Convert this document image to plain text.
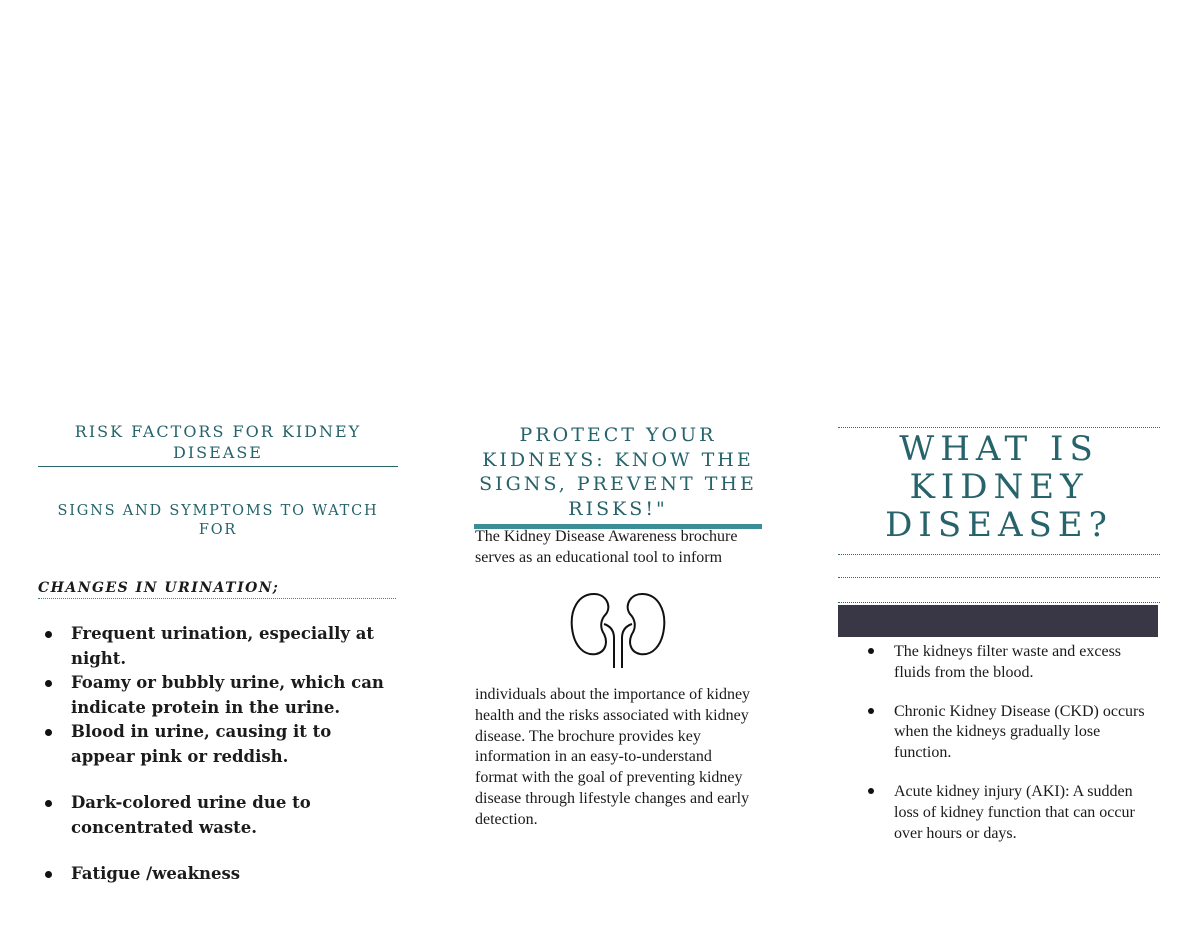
RISK FACTORS FOR KIDNEY DISEASE
SIGNS AND SYMPTOMS TO WATCH FOR
CHANGES IN URINATION;
Frequent urination, especially at night.
Foamy or bubbly urine, which can indicate protein in the urine.
Blood in urine, causing it to appear pink or reddish.
Dark-colored urine due to concentrated waste.
Fatigue /weakness
PROTECT YOUR KIDNEYS: KNOW THE SIGNS, PREVENT THE RISKS!"

The Kidney Disease Awareness brochure serves as an educational tool to inform

individuals about the importance of kidney health and the risks associated with kidney disease. The brochure provides key information in an easy-to-understand format with the goal of preventing kidney disease through lifestyle changes and early detection.

WHAT IS KIDNEY DISEASE?
The kidneys filter waste and excess fluids from the blood.
Chronic Kidney Disease (CKD) occurs when the kidneys gradually lose function.
Acute kidney injury (AKI): A sudden loss of kidney function that can occur over hours or days.
